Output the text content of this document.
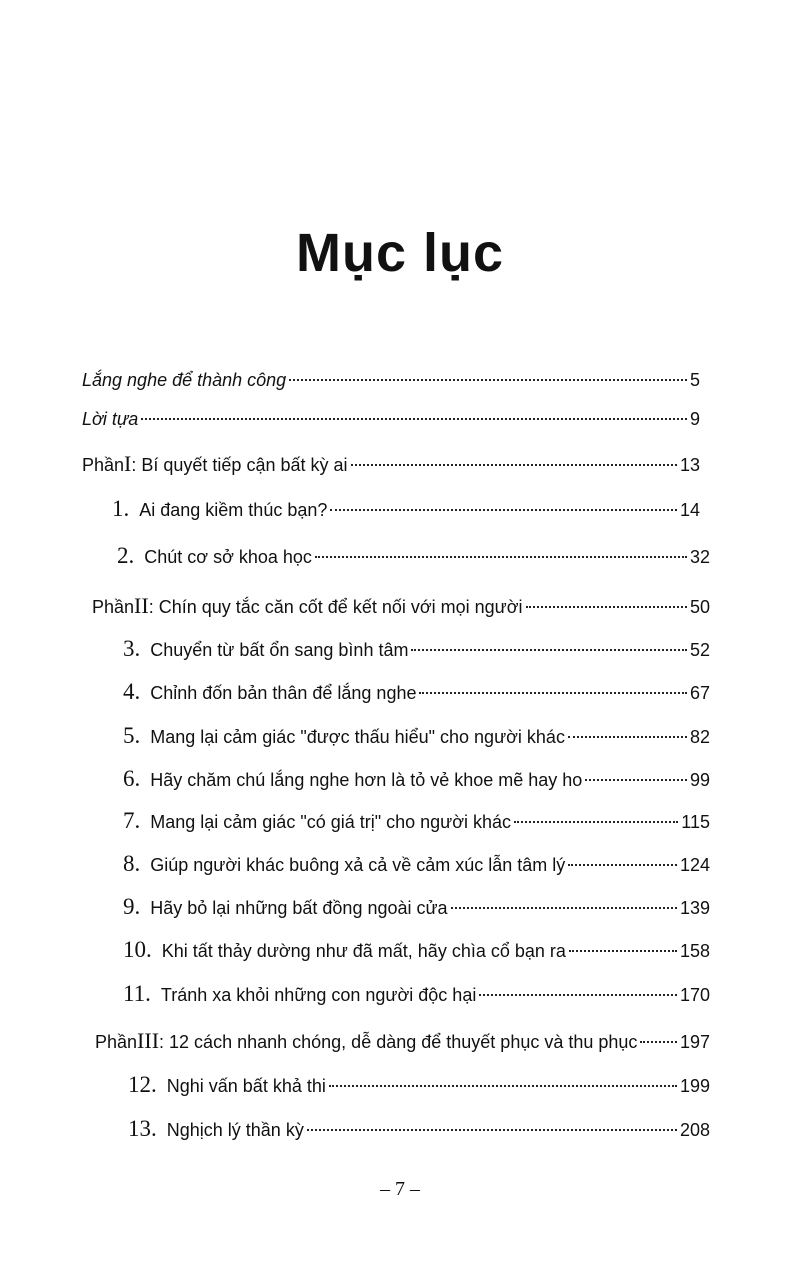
Mục lục
Lắng nghe để thành công	5
Lời tựa	9
Phần I : Bí quyết tiếp cận bất kỳ ai	13
1. Ai đang kiềm thúc bạn?	14
2. Chút cơ sở khoa học	32
Phần II : Chín quy tắc căn cốt để kết nối với mọi người	50
3. Chuyển từ bất ổn sang bình tâm	52
4. Chỉnh đốn bản thân để lắng nghe	67
5. Mang lại cảm giác "được thấu hiểu" cho người khác	82
6. Hãy chăm chú lắng nghe hơn là tỏ vẻ khoe mẽ hay ho	99
7. Mang lại cảm giác "có giá trị" cho người khác	115
8. Giúp người khác buông xả cả về cảm xúc lẫn tâm lý	124
9. Hãy bỏ lại những bất đồng ngoài cửa	139
10. Khi tất thảy dường như đã mất, hãy chìa cổ bạn ra	158
11. Tránh xa khỏi những con người độc hại	170
Phần III : 12 cách nhanh chóng, dễ dàng để thuyết phục và thu phục 197
12. Nghi vấn bất khả thi	199
13. Nghịch lý thần kỳ	208
– 7 –
